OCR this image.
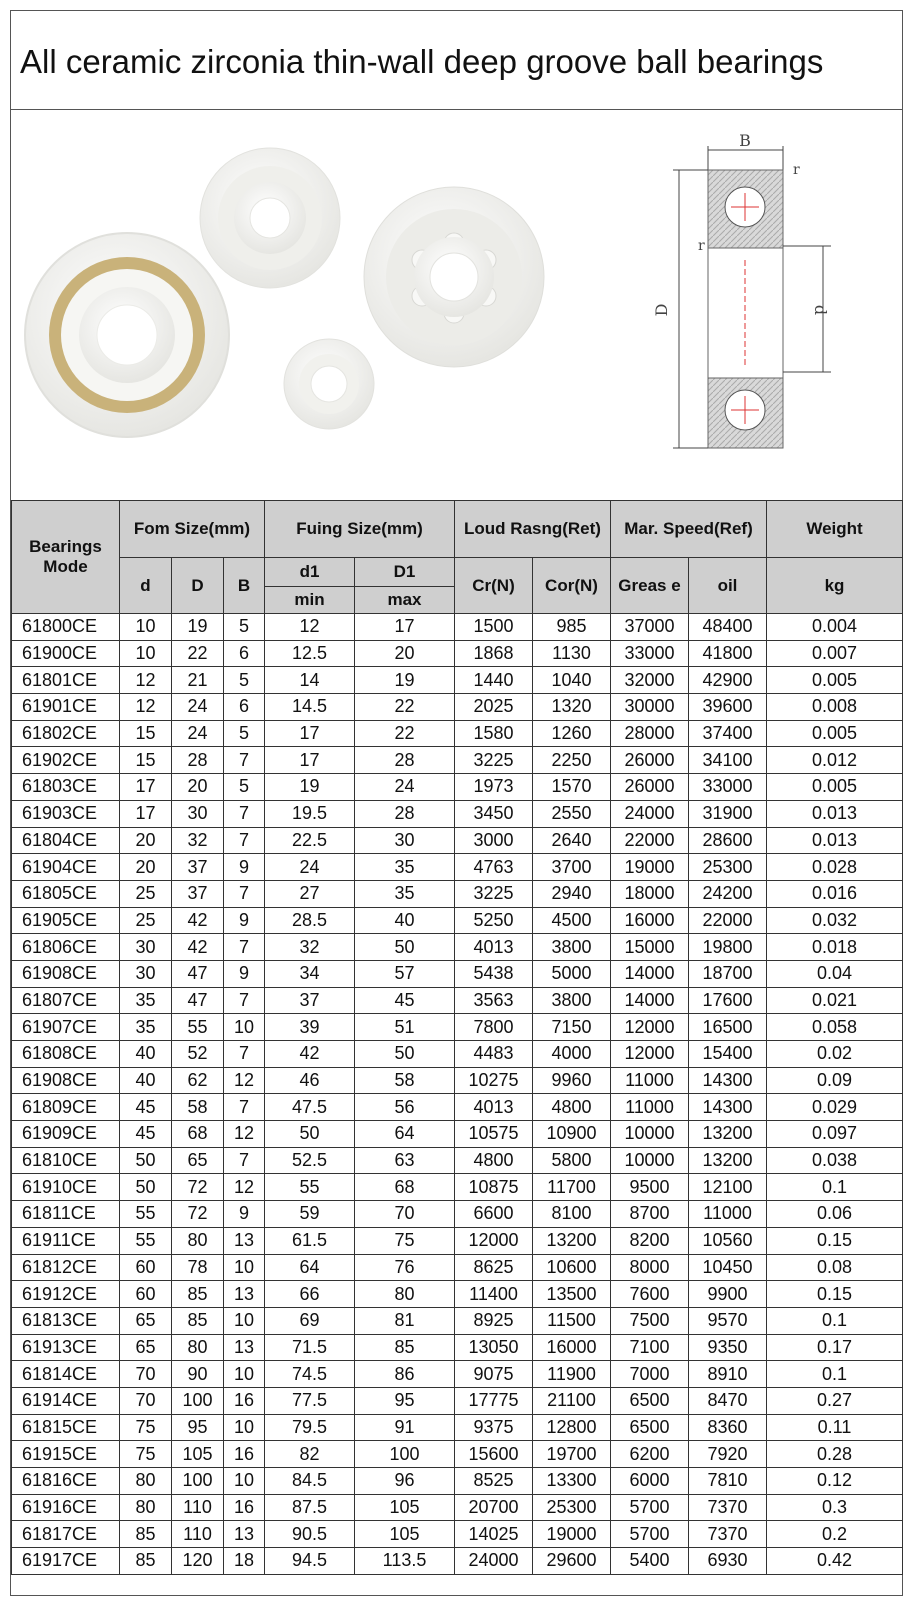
All ceramic zirconia thin-wall deep groove ball bearings
B
r
r
D	d
Bearings Mode	Fom Size(mm)			Fuing Size(mm)		Loud Rasng(Ret)		Mar. Speed(Ref)		Weight
	d	D	B	d1	D1	Cr(N)	Cor(N)	Greas e	oil	kg
				min	max					
61800CE	10	19	5	12	17	1500	985	37000	48400	0.004
61900CE	10	22	6	12.5	20	1868	1130	33000	41800	0.007
61801CE	12	21	5	14	19	1440	1040	32000	42900	0.005
61901CE	12	24	6	14.5	22	2025	1320	30000	39600	0.008
61802CE	15	24	5	17	22	1580	1260	28000	37400	0.005
61902CE	15	28	7	17	28	3225	2250	26000	34100	0.012
61803CE	17	20	5	19	24	1973	1570	26000	33000	0.005
61903CE	17	30	7	19.5	28	3450	2550	24000	31900	0.013
61804CE	20	32	7	22.5	30	3000	2640	22000	28600	0.013
61904CE	20	37	9	24	35	4763	3700	19000	25300	0.028
61805CE	25	37	7	27	35	3225	2940	18000	24200	0.016
61905CE	25	42	9	28.5	40	5250	4500	16000	22000	0.032
61806CE	30	42	7	32	50	4013	3800	15000	19800	0.018
61908CE	30	47	9	34	57	5438	5000	14000	18700	0.04
61807CE	35	47	7	37	45	3563	3800	14000	17600	0.021
61907CE	35	55	10	39	51	7800	7150	12000	16500	0.058
61808CE	40	52	7	42	50	4483	4000	12000	15400	0.02
61908CE	40	62	12	46	58	10275	9960	11000	14300	0.09
61809CE	45	58	7	47.5	56	4013	4800	11000	14300	0.029
61909CE	45	68	12	50	64	10575	10900	10000	13200	0.097
61810CE	50	65	7	52.5	63	4800	5800	10000	13200	0.038
61910CE	50	72	12	55	68	10875	11700	9500	12100	0.1
61811CE	55	72	9	59	70	6600	8100	8700	11000	0.06
61911CE	55	80	13	61.5	75	12000	13200	8200	10560	0.15
61812CE	60	78	10	64	76	8625	10600	8000	10450	0.08
61912CE	60	85	13	66	80	11400	13500	7600	9900	0.15
61813CE	65	85	10	69	81	8925	11500	7500	9570	0.1
61913CE	65	80	13	71.5	85	13050	16000	7100	9350	0.17
61814CE	70	90	10	74.5	86	9075	11900	7000	8910	0.1
61914CE	70	100	16	77.5	95	17775	21100	6500	8470	0.27
61815CE	75	95	10	79.5	91	9375	12800	6500	8360	0.11
61915CE	75	105	16	82	100	15600	19700	6200	7920	0.28
61816CE	80	100	10	84.5	96	8525	13300	6000	7810	0.12
61916CE	80	110	16	87.5	105	20700	25300	5700	7370	0.3
61817CE	85	110	13	90.5	105	14025	19000	5700	7370	0.2
61917CE	85	120	18	94.5	113.5	24000	29600	5400	6930	0.42
